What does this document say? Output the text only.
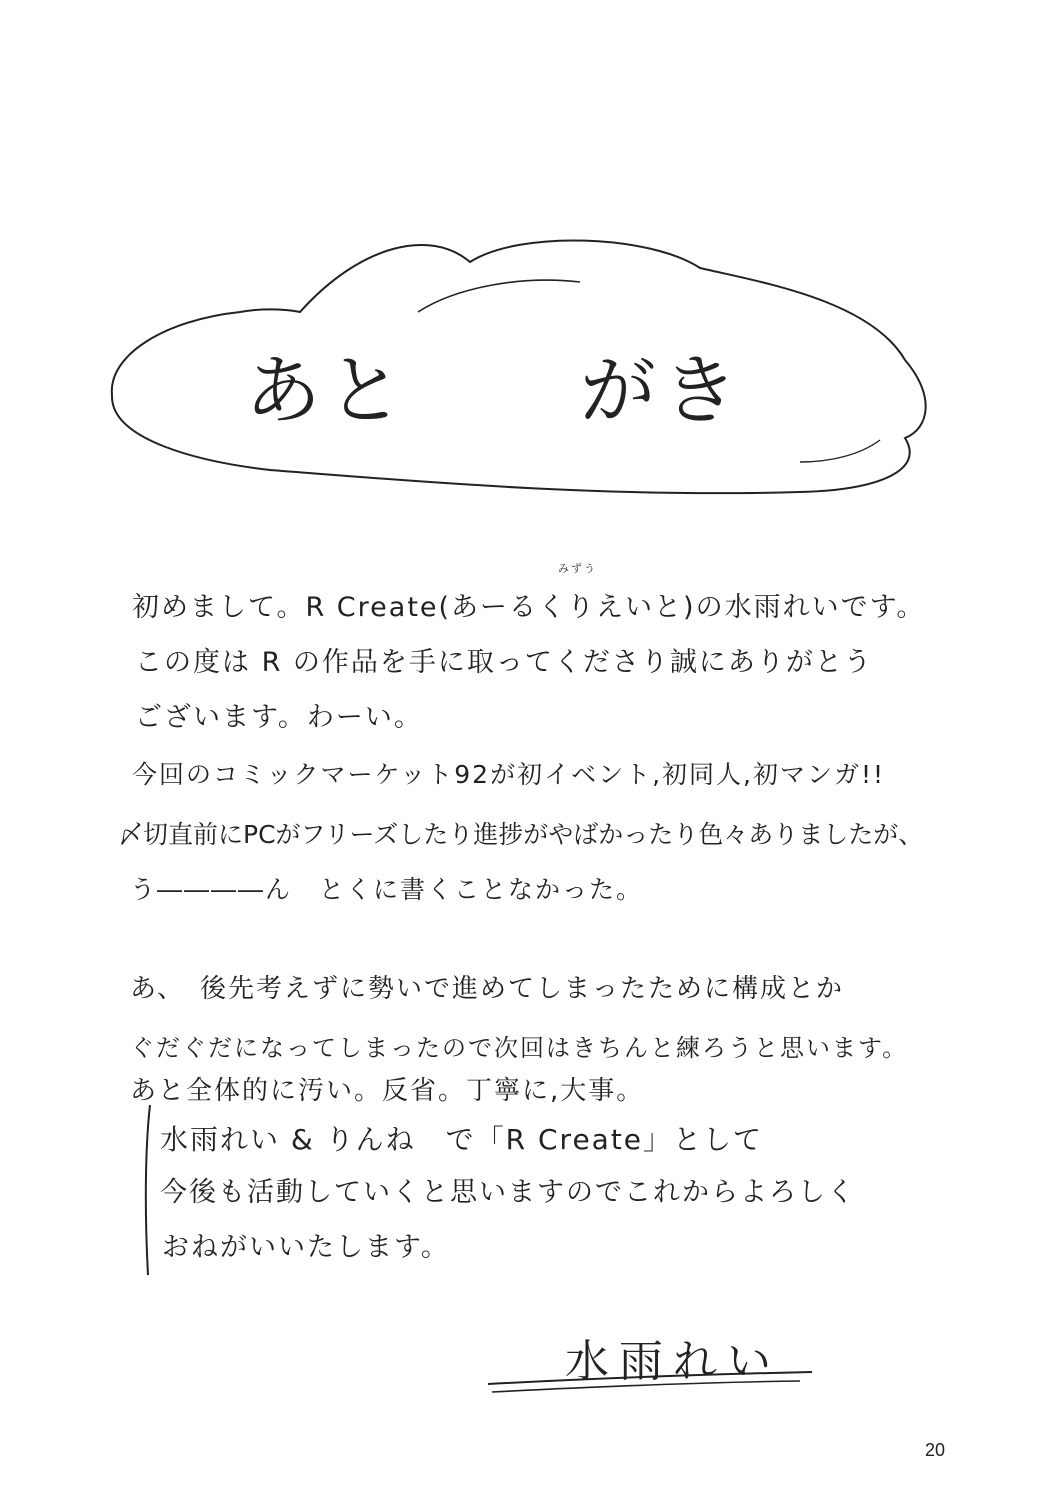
あと

がき

みずう
初めまして。R Create(あーるくりえいと)の水雨れいです。
この度は R の作品を手に取ってくださり誠にありがとう
ございます。わーい。
今回のコミックマーケット92が初イベント,初同人,初マンガ!!
〆切直前にPCがフリーズしたり進捗がやばかったり色々ありましたが、
う――――ん　とくに書くことなかった。
あ、　後先考えずに勢いで進めてしまったために構成とか
ぐだぐだになってしまったので次回はきちんと練ろうと思います。
あと全体的に汚い。反省。丁寧に,大事。
水雨れい & りんね　で「R Create」として
今後も活動していくと思いますのでこれからよろしく
おねがいいたします。
水雨れい
20
